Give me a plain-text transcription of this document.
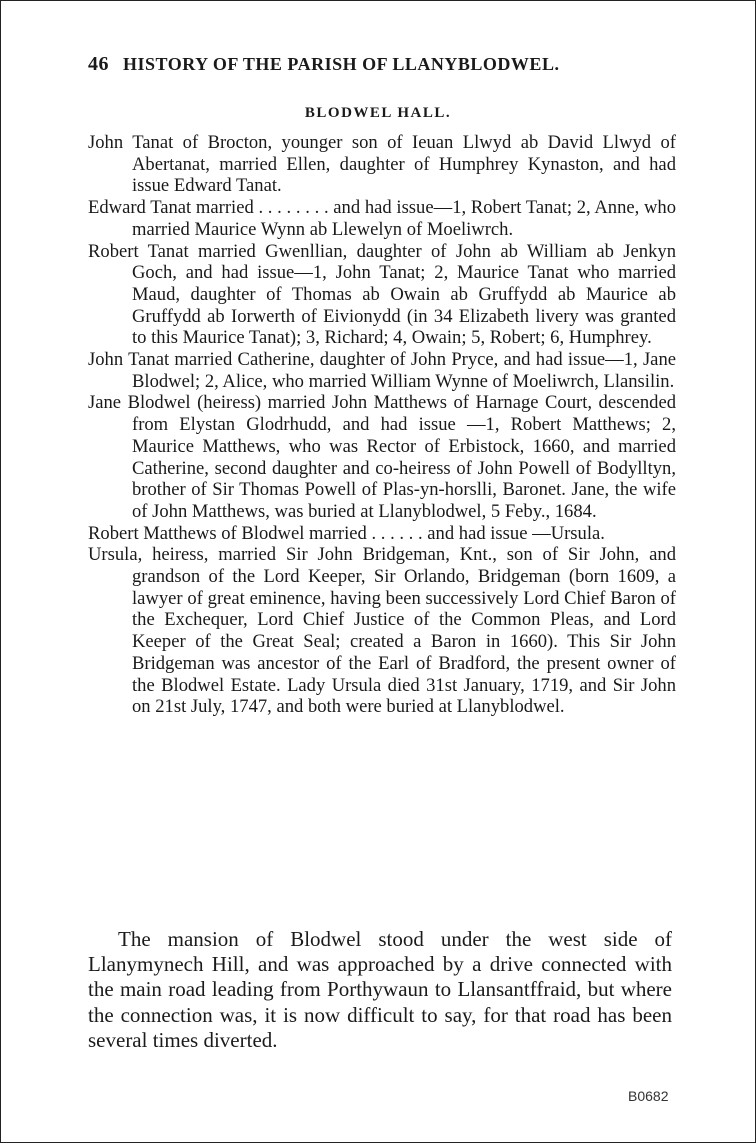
46 HISTORY OF THE PARISH OF LLANYBLODWEL.
BLODWEL HALL.

John Tanat of Brocton, younger son of Ieuan Llwyd ab David Llwyd of Abertanat, married Ellen, daughter of Humphrey Kynaston, and had issue Edward Tanat.

Edward Tanat married . . . . . . . . and had issue—1, Robert Tanat; 2, Anne, who married Maurice Wynn ab Llewelyn of Moeliwrch.

Robert Tanat married Gwenllian, daughter of John ab William ab Jenkyn Goch, and had issue—1, John Tanat; 2, Maurice Tanat who married Maud, daughter of Thomas ab Owain ab Gruffydd ab Maurice ab Gruffydd ab Iorwerth of Eivionydd (in 34 Elizabeth livery was granted to this Maurice Tanat); 3, Richard; 4, Owain; 5, Robert; 6, Humphrey.

John Tanat married Catherine, daughter of John Pryce, and had issue—1, Jane Blodwel; 2, Alice, who married William Wynne of Moeliwrch, Llansilin.

Jane Blodwel (heiress) married John Matthews of Harnage Court, descended from Elystan Glodrhudd, and had issue —1, Robert Matthews; 2, Maurice Matthews, who was Rector of Erbistock, 1660, and married Catherine, second daughter and co-heiress of John Powell of Bodylltyn, brother of Sir Thomas Powell of Plas-yn-horslli, Baronet. Jane, the wife of John Matthews, was buried at Llanyblodwel, 5 Feby., 1684.

Robert Matthews of Blodwel married . . . . . . and had issue —Ursula.

Ursula, heiress, married Sir John Bridgeman, Knt., son of Sir John, and grandson of the Lord Keeper, Sir Orlando, Bridgeman (born 1609, a lawyer of great eminence, having been successively Lord Chief Baron of the Exchequer, Lord Chief Justice of the Common Pleas, and Lord Keeper of the Great Seal; created a Baron in 1660). This Sir John Bridgeman was ancestor of the Earl of Bradford, the present owner of the Blodwel Estate. Lady Ursula died 31st January, 1719, and Sir John on 21st July, 1747, and both were buried at Llanyblodwel.

The mansion of Blodwel stood under the west side of Llanymynech Hill, and was approached by a drive connected with the main road leading from Porthywaun to Llansantffraid, but where the connection was, it is now difficult to say, for that road has been several times diverted.

B0682
